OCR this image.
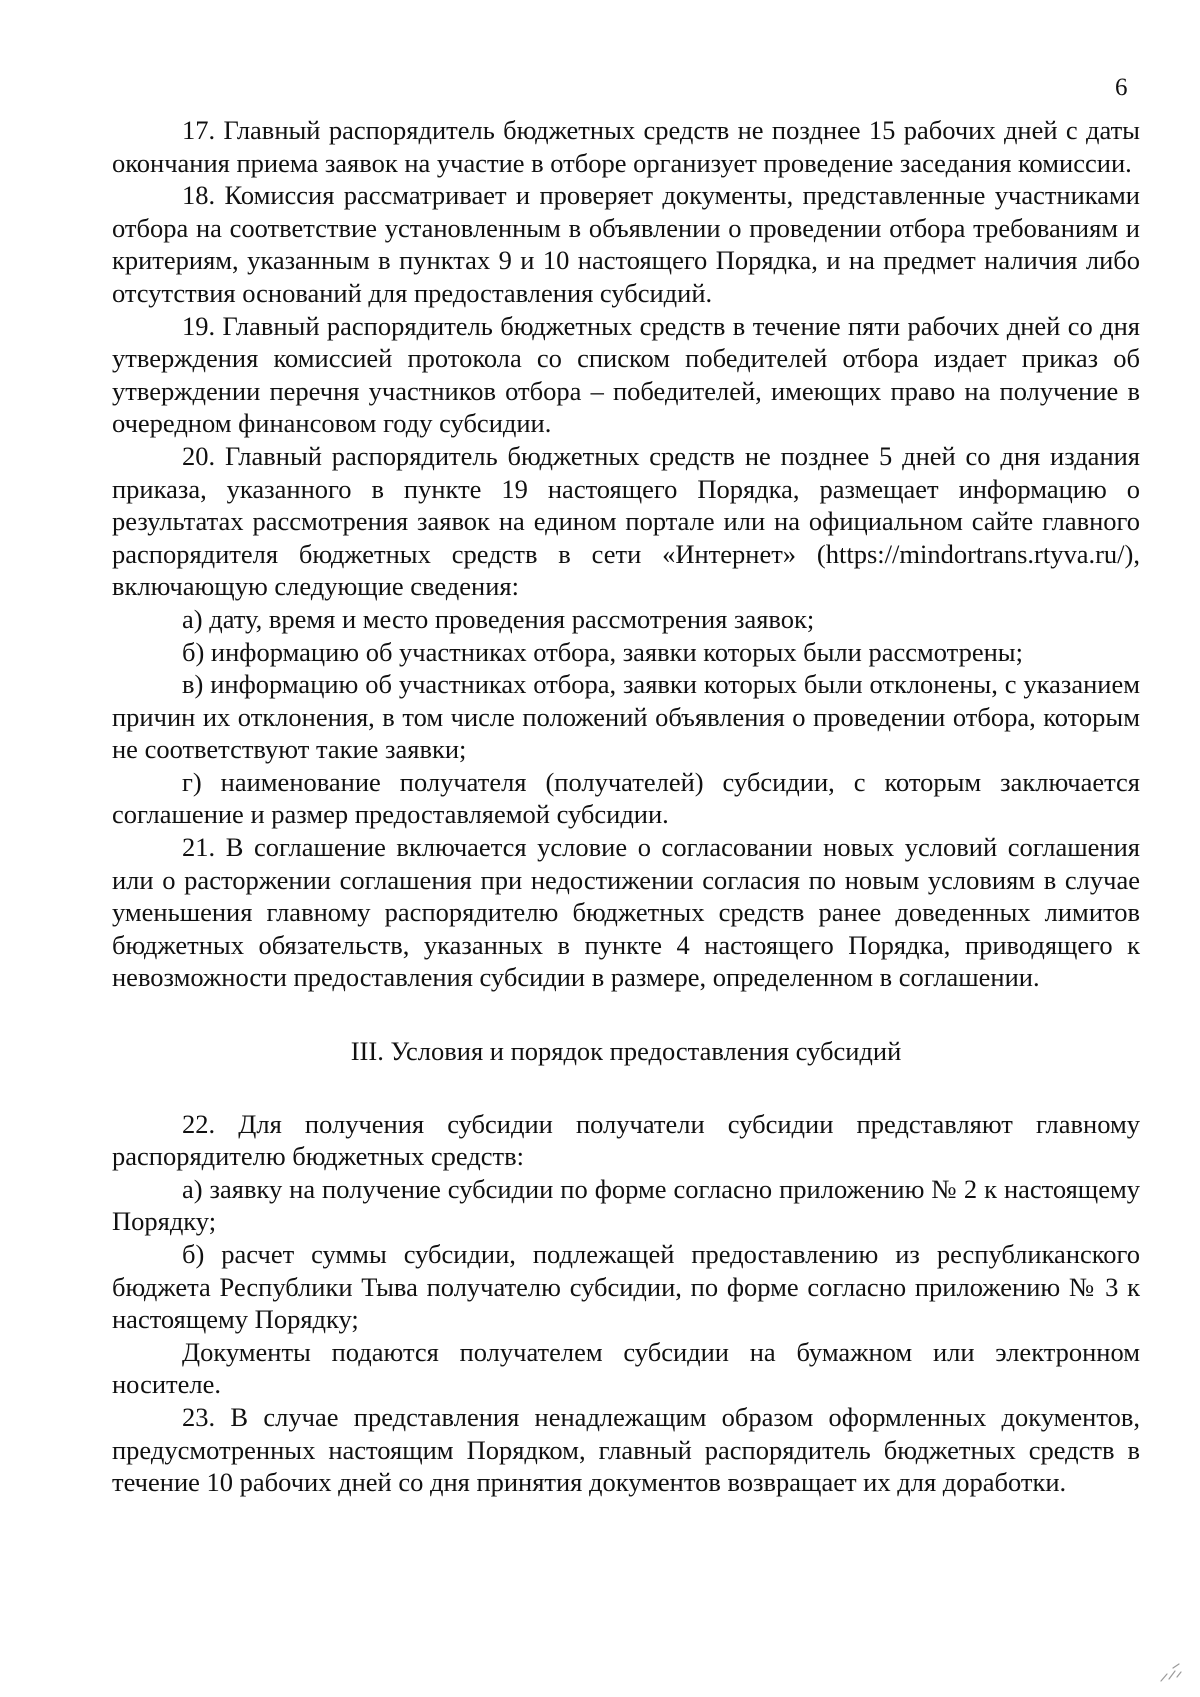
6

17. Главный распорядитель бюджетных средств не позднее 15 рабочих дней с даты окончания приема заявок на участие в отборе организует проведение заседания комиссии.

18. Комиссия рассматривает и проверяет документы, представленные участниками отбора на соответствие установленным в объявлении о проведении отбора требованиям и критериям, указанным в пунктах 9 и 10 настоящего Порядка, и на предмет наличия либо отсутствия оснований для предоставления субсидий.

19. Главный распорядитель бюджетных средств в течение пяти рабочих дней со дня утверждения комиссией протокола со списком победителей отбора издает приказ об утверждении перечня участников отбора – победителей, имеющих право на получение в очередном финансовом году субсидии.

20. Главный распорядитель бюджетных средств не позднее 5 дней со дня издания приказа, указанного в пункте 19 настоящего Порядка, размещает информацию о результатах рассмотрения заявок на едином портале или на официальном сайте главного распорядителя бюджетных средств в сети «Интернет» (https://mindortrans.rtyva.ru/), включающую следующие сведения:

а) дату, время и место проведения рассмотрения заявок;

б) информацию об участниках отбора, заявки которых были рассмотрены;

в) информацию об участниках отбора, заявки которых были отклонены, с указанием причин их отклонения, в том числе положений объявления о проведении отбора, которым не соответствуют такие заявки;

г) наименование получателя (получателей) субсидии, с которым заключается соглашение и размер предоставляемой субсидии.

21. В соглашение включается условие о согласовании новых условий соглашения или о расторжении соглашения при недостижении согласия по новым условиям в случае уменьшения главному распорядителю бюджетных средств ранее доведенных лимитов бюджетных обязательств, указанных в пункте 4 настоящего Порядка, приводящего к невозможности предоставления субсидии в размере, определенном в соглашении.

III. Условия и порядок предоставления субсидий

22. Для получения субсидии получатели субсидии представляют главному распорядителю бюджетных средств:

а) заявку на получение субсидии по форме согласно приложению № 2 к настоящему Порядку;

б) расчет суммы субсидии, подлежащей предоставлению из республиканского бюджета Республики Тыва получателю субсидии, по форме согласно приложению № 3 к настоящему Порядку;

Документы подаются получателем субсидии на бумажном или электронном носителе.

23. В случае представления ненадлежащим образом оформленных документов, предусмотренных настоящим Порядком, главный распорядитель бюджетных средств в течение 10 рабочих дней со дня принятия документов возвращает их для доработки.
